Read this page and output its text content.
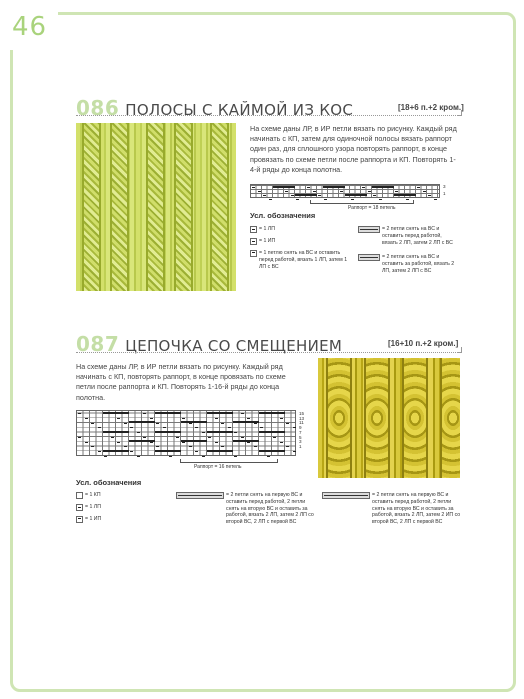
46
086 ПОЛОСЫ С КАЙМОЙ ИЗ КОС	[18+6 п.+2 кром.]
На схеме даны ЛР, в ИР петли вязать по рисунку. Каждый ряд начинать с КП, затем для одиночной полосы вязать раппорт один раз, для сплошного узора повторять раппорт, в конце провязать по схеме петли после раппорта и КП. Повторять 1-4-й ряды до конца полотна.
3
1
Раппорт = 18 петель
Усл. обозначения
= 1 ЛП
= 1 ИП
= 1 петлю снять на ВС и оставить перед работой, вязать 1 ЛП, затем 1 ЛП с ВС
= 2 петли снять на ВС и оставить перед работой, вязать 2 ЛП, затем 2 ЛП с ВС
= 2 петли снять на ВС и оставить за работой, вязать 2 ЛП, затем 2 ЛП с ВС
087 ЦЕПОЧКА СО СМЕЩЕНИЕМ	[16+10 п.+2 кром.]
На схеме даны ЛР, в ИР петли вязать по рисунку. Каждый ряд начинать с КП, повторять раппорт, в конце провязать по схеме петли после раппорта и КП. Повторять 1-16-й ряды до конца полотна.
15
13
11
9
7
5
3
1
Раппорт = 16 петель
Усл. обозначения
= 1 КП
= 1 ЛП
= 1 ИП
= 2 петли снять на первую ВС и оставить перед работой, 2 петли снять на вторую ВС и оставить за работой, вязать 2 ЛП, затем 2 ЛП со второй ВС, 2 ЛП с первой ВС
= 2 петли снять на первую ВС и оставить перед работой, 2 петли снять на вторую ВС и оставить за работой, вязать 2 ЛП, затем 2 ИП со второй ВС, 2 ЛП с первой ВС
